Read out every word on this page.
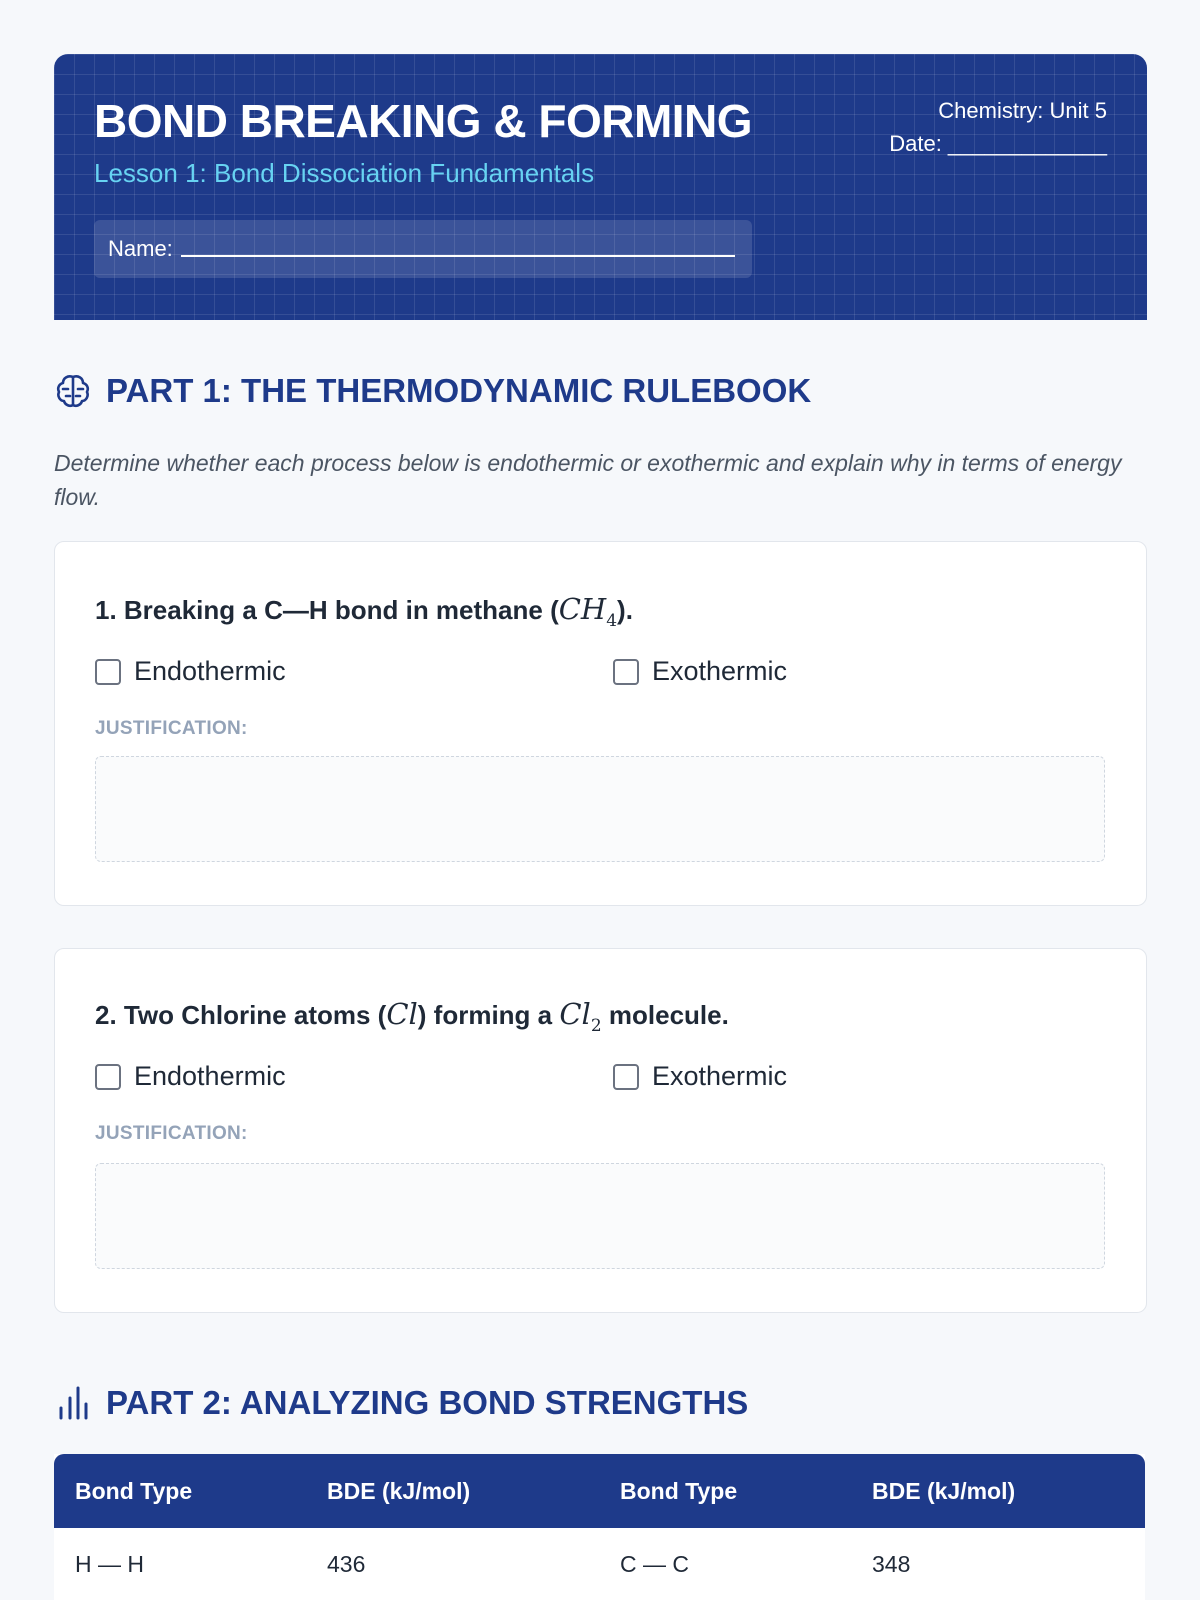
BOND BREAKING & FORMING
Lesson 1: Bond Dissociation Fundamentals
Chemistry: Unit 5
Date: _____________
Name:
PART 1: THE THERMODYNAMIC RULEBOOK
Determine whether each process below is endothermic or exothermic and explain why in terms of energy flow.
1. Breaking a C—H bond in methane $(CH_4)$.
Endothermic	Exothermic
JUSTIFICATION:
2. Two Chlorine atoms (Cl) forming a $Cl_2$ molecule.
Endothermic	Exothermic
JUSTIFICATION:
PART 2: ANALYZING BOND STRENGTHS
Bond Type	BDE (kJ/mol)	Bond Type	BDE (kJ/mol)
H — H	436	C — C	348
